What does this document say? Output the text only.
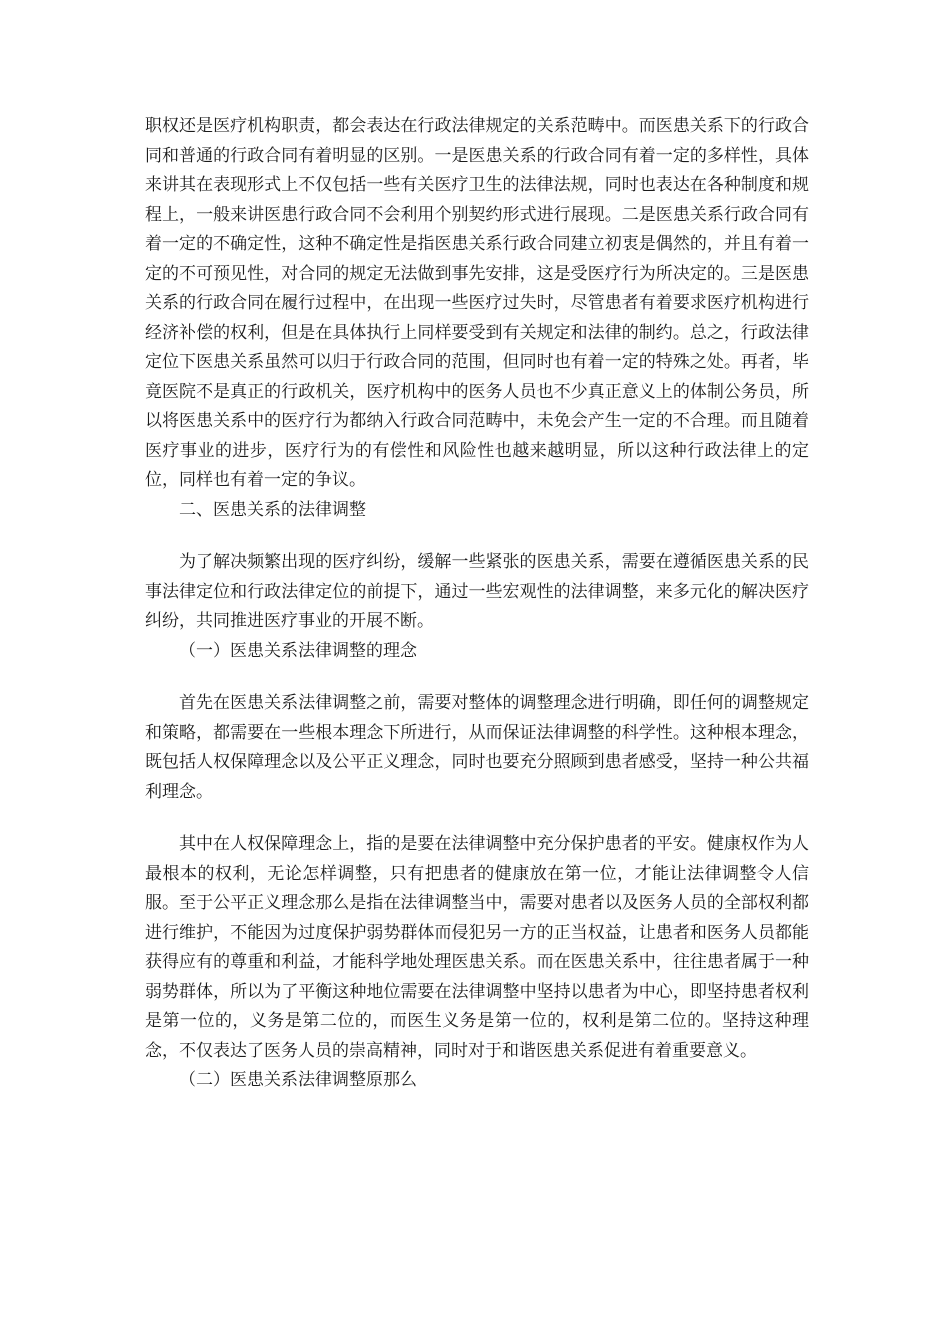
职权还是医疗机构职责，都会表达在行政法律规定的关系范畴中。而医患关系下的行政合同和普通的行政合同有着明显的区别。一是医患关系的行政合同有着一定的多样性，具体来讲其在表现形式上不仅包括一些有关医疗卫生的法律法规，同时也表达在各种制度和规程上，一般来讲医患行政合同不会利用个别契约形式进行展现。二是医患关系行政合同有着一定的不确定性，这种不确定性是指医患关系行政合同建立初衷是偶然的，并且有着一定的不可预见性，对合同的规定无法做到事先安排，这是受医疗行为所决定的。三是医患关系的行政合同在履行过程中，在出现一些医疗过失时，尽管患者有着要求医疗机构进行经济补偿的权利，但是在具体执行上同样要受到有关规定和法律的制约。总之，行政法律定位下医患关系虽然可以归于行政合同的范围，但同时也有着一定的特殊之处。再者，毕竟医院不是真正的行政机关，医疗机构中的医务人员也不少真正意义上的体制公务员，所以将医患关系中的医疗行为都纳入行政合同范畴中，未免会产生一定的不合理。而且随着医疗事业的进步，医疗行为的有偿性和风险性也越来越明显，所以这种行政法律上的定位，同样也有着一定的争议。

二、医患关系的法律调整

为了解决频繁出现的医疗纠纷，缓解一些紧张的医患关系，需要在遵循医患关系的民事法律定位和行政法律定位的前提下，通过一些宏观性的法律调整，来多元化的解决医疗纠纷，共同推进医疗事业的开展不断。

（一）医患关系法律调整的理念

首先在医患关系法律调整之前，需要对整体的调整理念进行明确，即任何的调整规定和策略，都需要在一些根本理念下所进行，从而保证法律调整的科学性。这种根本理念，既包括人权保障理念以及公平正义理念，同时也要充分照顾到患者感受，坚持一种公共福利理念。

其中在人权保障理念上，指的是要在法律调整中充分保护患者的平安。健康权作为人最根本的权利，无论怎样调整，只有把患者的健康放在第一位，才能让法律调整令人信服。至于公平正义理念那么是指在法律调整当中，需要对患者以及医务人员的全部权利都进行维护，不能因为过度保护弱势群体而侵犯另一方的正当权益，让患者和医务人员都能获得应有的尊重和利益，才能科学地处理医患关系。而在医患关系中，往往患者属于一种弱势群体，所以为了平衡这种地位需要在法律调整中坚持以患者为中心，即坚持患者权利是第一位的，义务是第二位的，而医生义务是第一位的，权利是第二位的。坚持这种理念，不仅表达了医务人员的崇高精神，同时对于和谐医患关系促进有着重要意义。

（二）医患关系法律调整原那么
